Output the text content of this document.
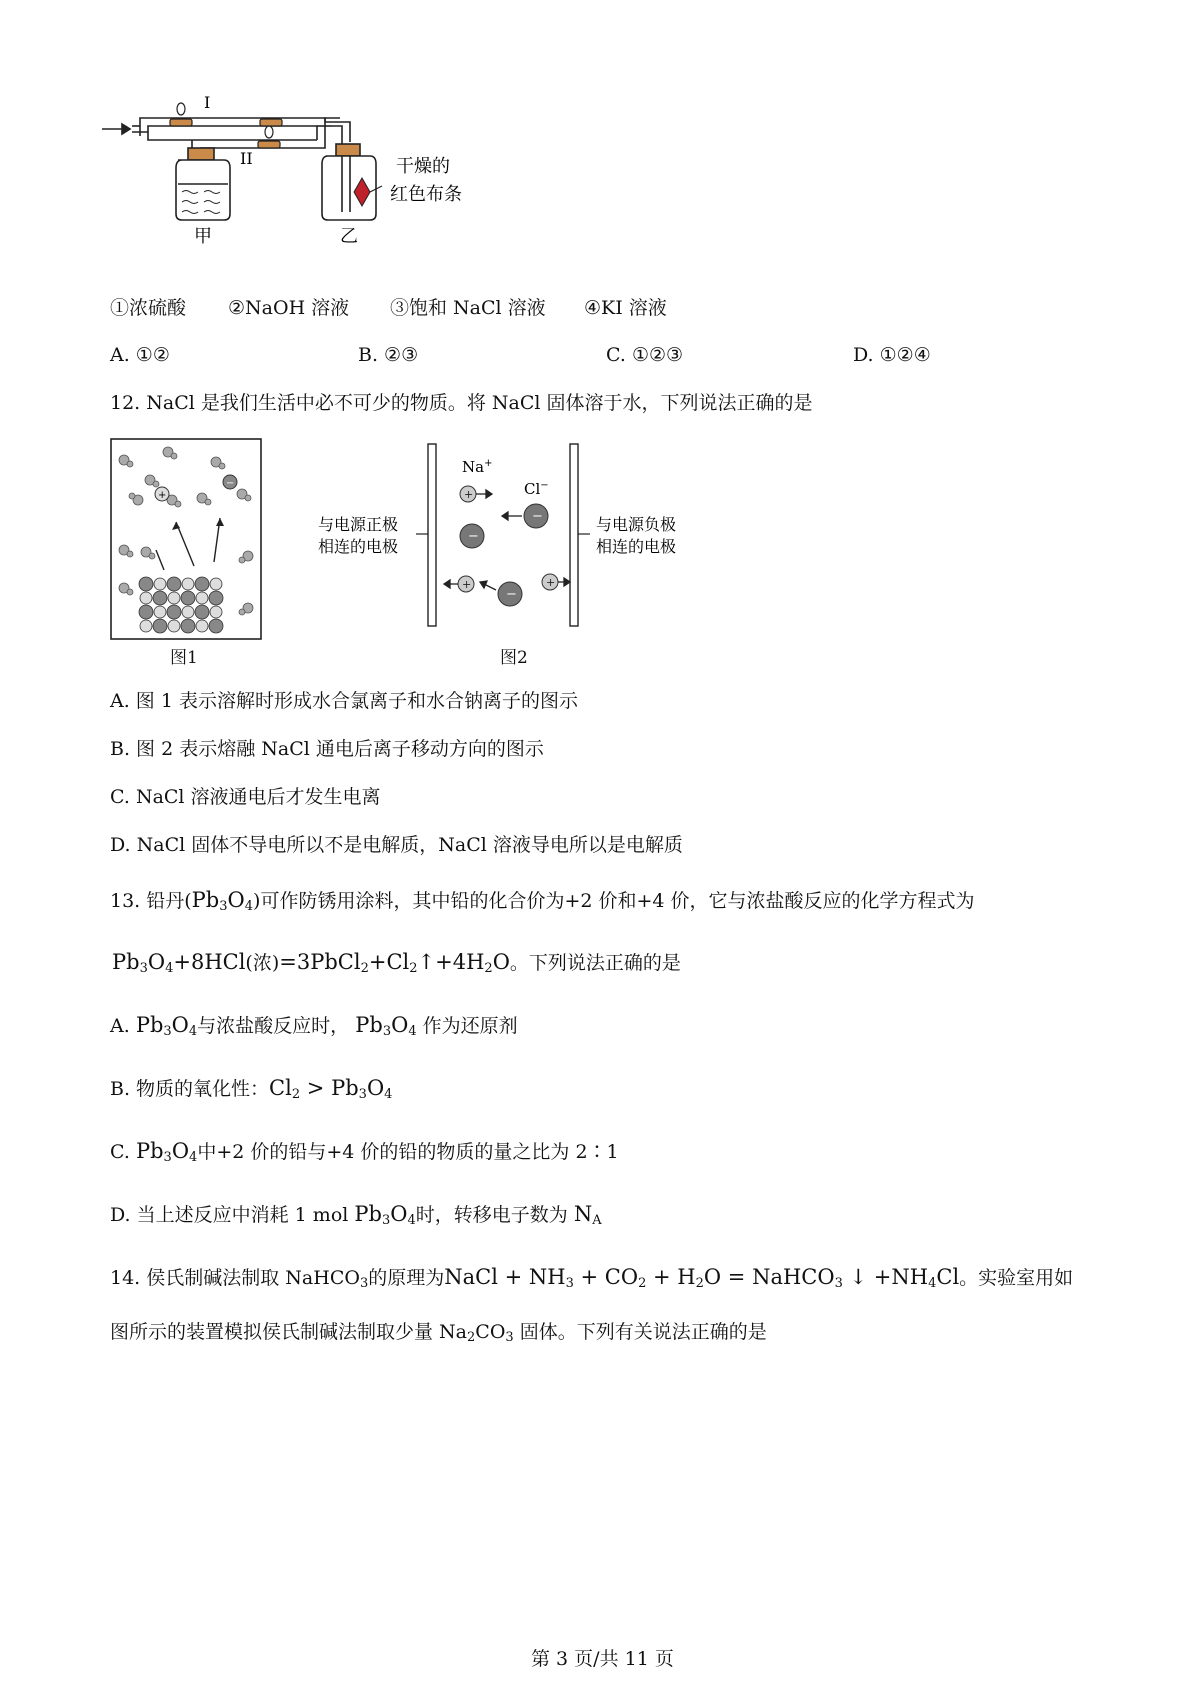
I
II	干燥的
红色布条
甲	乙
①浓硫酸 ②NaOH 溶液 ③饱和 NaCl 溶液 ④KI 溶液
A. ①②	B. ②③	C. ①②③	D. ①②④
12. NaCl 是我们生活中必不可少的物质。将 NaCl 固体溶于水，下列说法正确的是
+
−
图1
与电源正极
相连的电极
与电源负极
相连的电极
Na+
Cl−
+
+	+
−
−
−
图2
A. 图 1 表示溶解时形成水合氯离子和水合钠离子的图示
B. 图 2 表示熔融 NaCl 通电后离子移动方向的图示
C. NaCl 溶液通电后才发生电离
D. NaCl 固体不导电所以不是电解质，NaCl 溶液导电所以是电解质
13. 铅丹$(Pb_3O_4)$可作防锈用涂料，其中铅的化合价为+2 价和+4 价，它与浓盐酸反应的化学方程式为
$Pb_3O_4+8HCl$(浓)$=3PbCl_2+Cl_2↑+4H_2O$。下列说法正确的是
A. $Pb_3O_4$与浓盐酸反应时， $Pb_3O_4$ 作为还原剂
B. 物质的氧化性：$Cl_2 > Pb_3O_4$
C. $Pb_3O_4$中+2 价的铅与+4 价的铅的物质的量之比为 2∶1
D. 当上述反应中消耗 1 mol $Pb_3O_4$时，转移电子数为 $N_A$
14. 侯氏制碱法制取 NaHCO$_3$的原理为NaCl + $NH_3 + CO_2 + H_2O$ = NaHCO$_3$ ↓ $+NH_4Cl$。实验室用如
图所示的装置模拟侯氏制碱法制取少量 $Na_2CO_3$ 固体。下列有关说法正确的是
第 3 页/共 11 页
